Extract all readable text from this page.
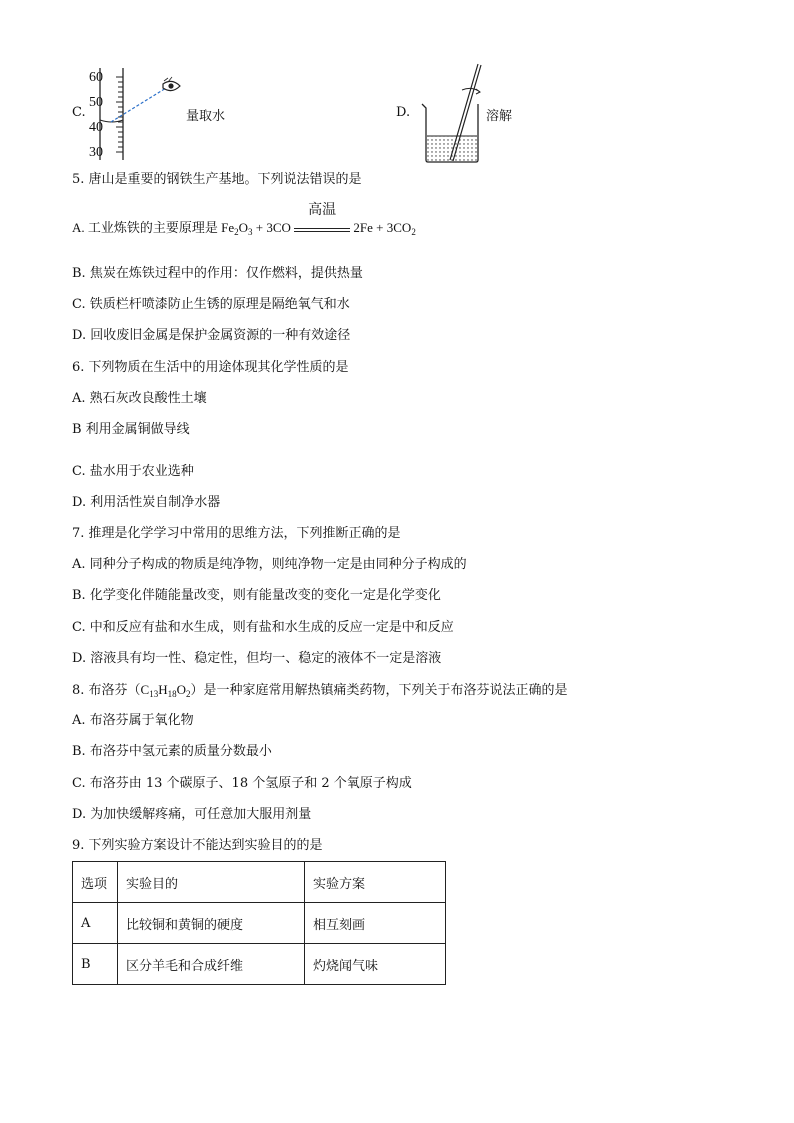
C.
60
50
40
30
量取水	D.	溶解
5. 唐山是重要的钢铁生产基地。下列说法错误的是
A. 工业炼铁的主要原理是 $Fe_2O_3 + 3CO$
高温
$2Fe + 3CO_2$
B. 焦炭在炼铁过程中的作用：仅作燃料，提供热量
C. 铁质栏杆喷漆防止生锈的原理是隔绝氧气和水
D. 回收废旧金属是保护金属资源的一种有效途径
6. 下列物质在生活中的用途体现其化学性质的是
A. 熟石灰改良酸性土壤
B 利用金属铜做导线
C. 盐水用于农业选种
D. 利用活性炭自制净水器
7. 推理是化学学习中常用的思维方法，下列推断正确的是
A. 同种分子构成的物质是纯净物，则纯净物一定是由同种分子构成的
B. 化学变化伴随能量改变，则有能量改变的变化一定是化学变化
C. 中和反应有盐和水生成，则有盐和水生成的反应一定是中和反应
D. 溶液具有均一性、稳定性，但均一、稳定的液体不一定是溶液
8. 布洛芬$(C_{13}H_{18}O_2)$是一种家庭常用解热镇痛类药物，下列关于布洛芬说法正确的是
A. 布洛芬属于氧化物
B. 布洛芬中氢元素的质量分数最小
C. 布洛芬由 13 个碳原子、18 个氢原子和 2 个氧原子构成
D. 为加快缓解疼痛，可任意加大服用剂量
9. 下列实验方案设计不能达到实验目的的是
选项	实验目的	实验方案
A	比较铜和黄铜的硬度	相互刻画
B	区分羊毛和合成纤维	灼烧闻气味
